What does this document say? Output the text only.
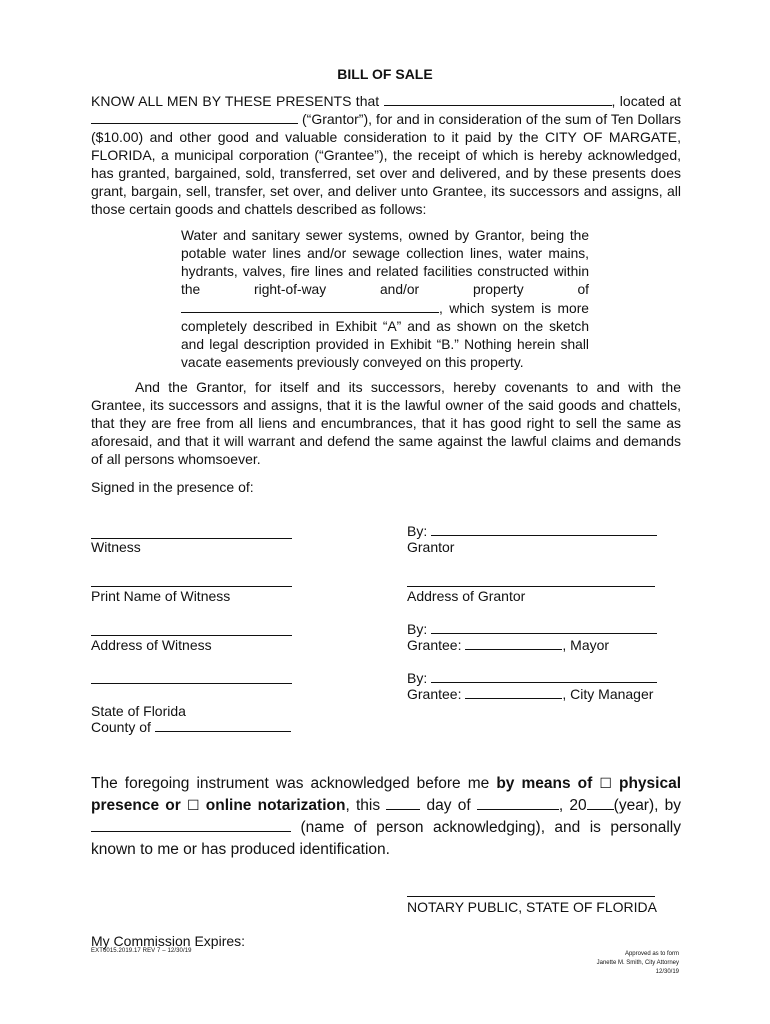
BILL OF SALE
KNOW ALL MEN BY THESE PRESENTS that	, located at  (“Grantor”), for and in consideration of the sum of Ten Dollars ($10.00) and other good and valuable consideration to it paid by the CITY OF MARGATE, FLORIDA, a municipal corporation (“Grantee”), the receipt of which is hereby acknowledged, has granted, bargained, sold, transferred, set over and delivered, and by these presents does grant, bargain, sell, transfer, set over, and deliver unto Grantee, its successors and assigns, all those certain goods and chattels described as follows:
Water and sanitary sewer systems, owned by Grantor, being the potable water lines and/or sewage collection lines, water mains, hydrants, valves, fire lines and related facilities constructed within the right-of-way and/or property of , which system is more completely described in Exhibit “A” and as shown on the sketch and legal description provided in Exhibit “B.” Nothing herein shall vacate easements previously conveyed on this property.
And the Grantor, for itself and its successors, hereby covenants to and with the Grantee, its successors and assigns, that it is the lawful owner of the said goods and chattels, that they are free from all liens and encumbrances, that it has good right to sell the same as aforesaid, and that it will warrant and defend the same against the lawful claims and demands of all persons whomsoever.
Signed in the presence of:
Witness
Print Name of Witness
Address of Witness
State of Florida
County of
By:
Grantor
Address of Grantor
By:
Grantee:	, Mayor
By:
Grantee:	, City Manager
The foregoing instrument was acknowledged before me by means of ☐ physical presence or ☐ online notarization, this	day of	, 20 (year), by  (name of person acknowledging), and is personally known to me or has produced identification.
NOTARY PUBLIC, STATE OF FLORIDA
My Commission Expires:
EXT6015.2019.17 REV 7 – 12/30/19	Approved as to form
Janette M. Smith, City Attorney
12/30/19
